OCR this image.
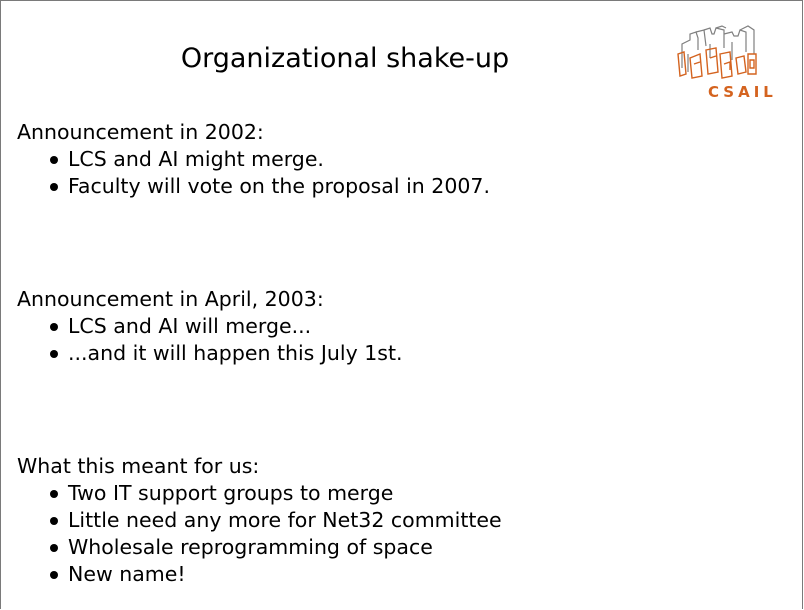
Organizational shake-up
CSAIL
Announcement in 2002:
LCS and AI might merge.
Faculty will vote on the proposal in 2007.
Announcement in April, 2003:
LCS and AI will merge...
...and it will happen this July 1st.
What this meant for us:
Two IT support groups to merge
Little need any more for Net32 committee
Wholesale reprogramming of space
New name!
